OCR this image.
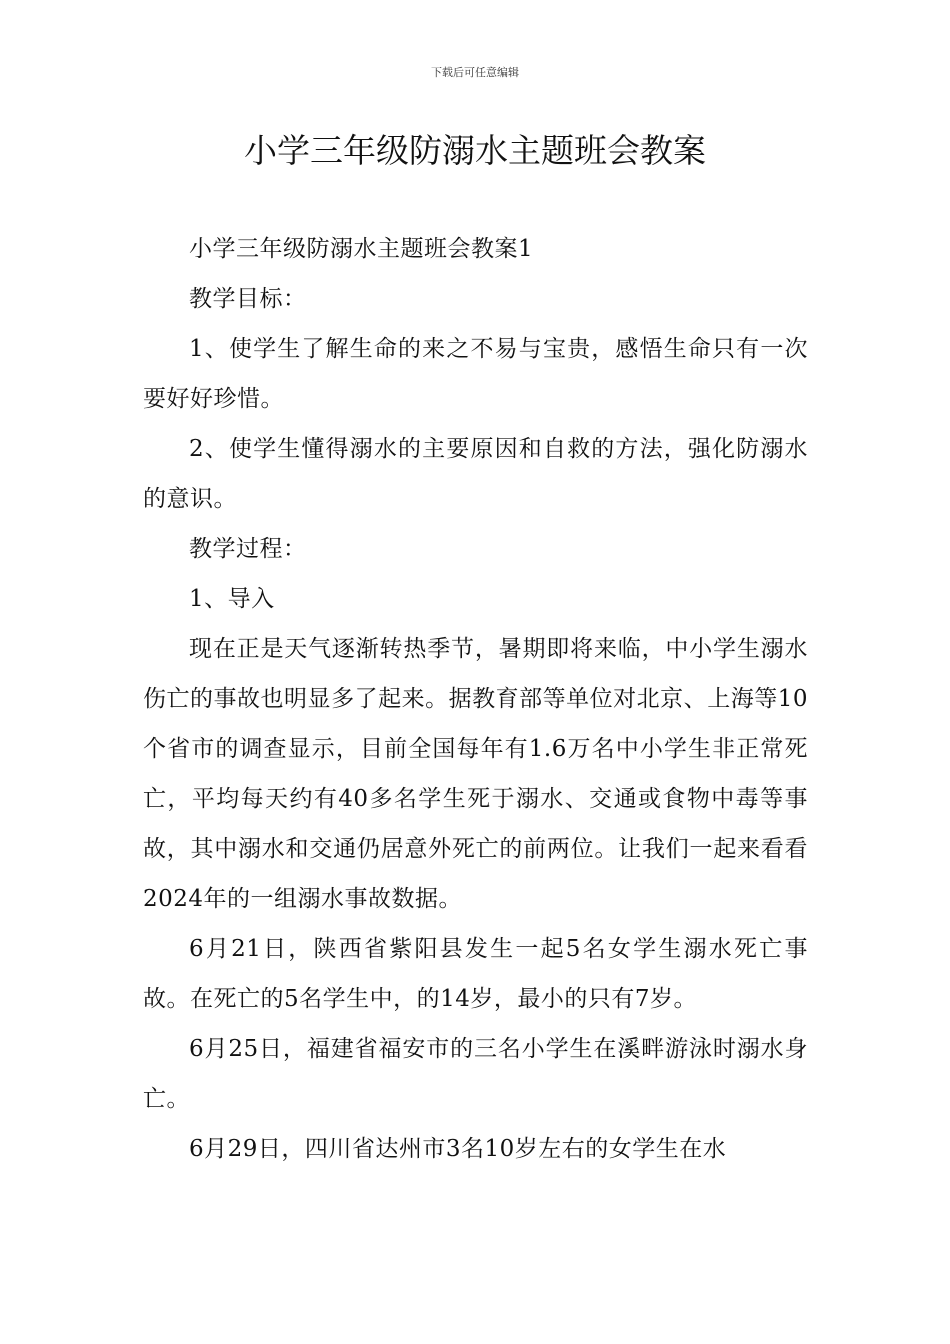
下载后可任意编辑
小学三年级防溺水主题班会教案

小学三年级防溺水主题班会教案1

教学目标：

1、使学生了解生命的来之不易与宝贵，感悟生命只有一次要好好珍惜。

2、使学生懂得溺水的主要原因和自救的方法，强化防溺水的意识。

教学过程：

1、导入

现在正是天气逐渐转热季节，暑期即将来临，中小学生溺水伤亡的事故也明显多了起来。据教育部等单位对北京、上海等10个省市的调查显示，目前全国每年有1.6万名中小学生非正常死亡，平均每天约有40多名学生死于溺水、交通或食物中毒等事故，其中溺水和交通仍居意外死亡的前两位。让我们一起来看看2024年的一组溺水事故数据。

6月21日，陕西省紫阳县发生一起5名女学生溺水死亡事故。在死亡的5名学生中，的14岁，最小的只有7岁。

6月25日，福建省福安市的三名小学生在溪畔游泳时溺水身亡。

6月29日，四川省达州市3名10岁左右的女学生在水
